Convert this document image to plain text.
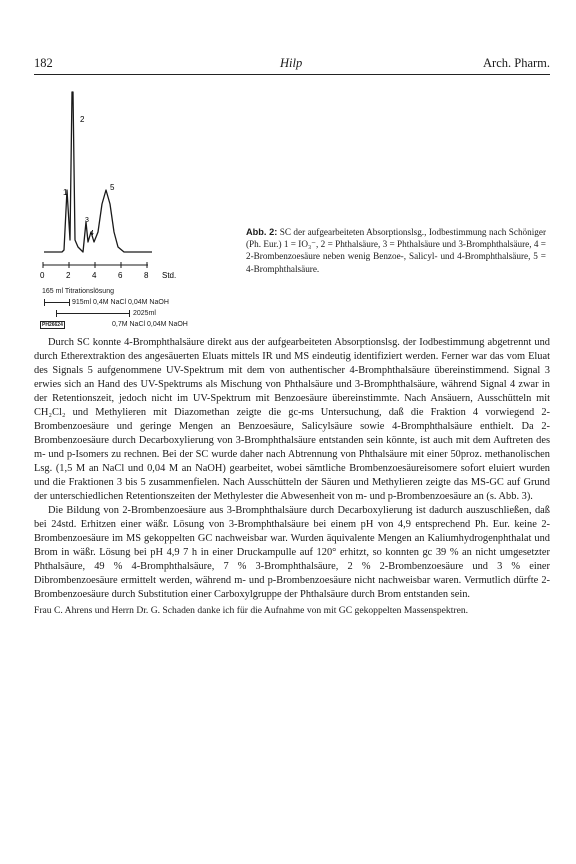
182	Hilp	Arch. Pharm.
1
2
3
4
5
0	2	4	6	8 Std.
165 ml Titrationslösung
915ml 0,4M NaCl 0,04M NaOH
2025ml
PH26624	0,7M NaCl 0,04M NaOH
Abb. 2: SC der aufgearbeiteten Absorptionslsg., Iodbestimmung nach Schöniger (Ph. Eur.) 1 = IO₃⁻, 2 = Phthalsäure, 3 = Phthalsäure und 3-Bromphthalsäure, 4 = 2-Brombenzoesäure neben wenig Benzoe-, Salicyl- und 4-Bromphthalsäure, 5 = 4-Bromphthalsäure.

Durch SC konnte 4-Bromphthalsäure direkt aus der aufgearbeiteten Absorptionslsg. der Iodbestimmung abgetrennt und durch Etherextraktion des angesäuerten Eluats mittels IR und MS eindeutig identifiziert werden. Ferner war das vom Eluat des Signals 5 aufgenommene UV-Spektrum mit dem von authentischer 4-Bromphthalsäure übereinstimmend. Signal 3 erwies sich an Hand des UV-Spektrums als Mischung von Phthalsäure und 3-Bromphthalsäure, während Signal 4 zwar in der Retentionszeit, jedoch nicht im UV-Spektrum mit Benzoesäure übereinstimmte. Nach Ansäuern, Ausschütteln mit CH₂Cl₂ und Methylieren mit Diazomethan zeigte die gc-ms Untersuchung, daß die Fraktion 4 vorwiegend 2-Brombenzoesäure und geringe Mengen an Benzoesäure, Salicylsäure sowie 4-Bromphthalsäure enthielt. Da 2-Brombenzoesäure durch Decarboxylierung von 3-Bromphthalsäure entstanden sein könnte, ist auch mit dem Auftreten des m- und p-Isomers zu rechnen. Bei der SC wurde daher nach Abtrennung von Phthalsäure mit einer 50proz. methanolischen Lsg. (1,5 M an NaCl und 0,04 M an NaOH) gearbeitet, wobei sämtliche Brombenzoesäureisomere sofort eluiert wurden und die Fraktionen 3 bis 5 zusammenfielen. Nach Ausschütteln der Säuren und Methylieren zeigte das MS-GC auf Grund der unterschiedlichen Retentionszeiten der Methylester die Abwesenheit von m- und p-Brombenzoesäure an (s. Abb. 3).

Die Bildung von 2-Brombenzoesäure aus 3-Bromphthalsäure durch Decarboxylierung ist dadurch auszuschließen, daß bei 24std. Erhitzen einer wäßr. Lösung von 3-Bromphthalsäure bei einem pH von 4,9 entsprechend Ph. Eur. keine 2-Brombenzoesäure im MS gekoppelten GC nachweisbar war. Wurden äquivalente Mengen an Kaliumhydrogenphthalat und Brom in wäßr. Lösung bei pH 4,9 7 h in einer Druckampulle auf 120° erhitzt, so konnten gc 39 % an nicht umgesetzter Phthalsäure, 49 % 4-Bromphthalsäure, 7 % 3-Bromphthalsäure, 2 % 2-Brombenzoesäure und 3 % einer Dibrombenzoesäure ermittelt werden, während m- und p-Brombenzoesäure nicht nachweisbar waren. Vermutlich dürfte 2-Brombenzoesäure durch Substitution einer Carboxylgruppe der Phthalsäure durch Brom entstanden sein.

Frau C. Ahrens und Herrn Dr. G. Schaden danke ich für die Aufnahme von mit GC gekoppelten Massenspektren.
